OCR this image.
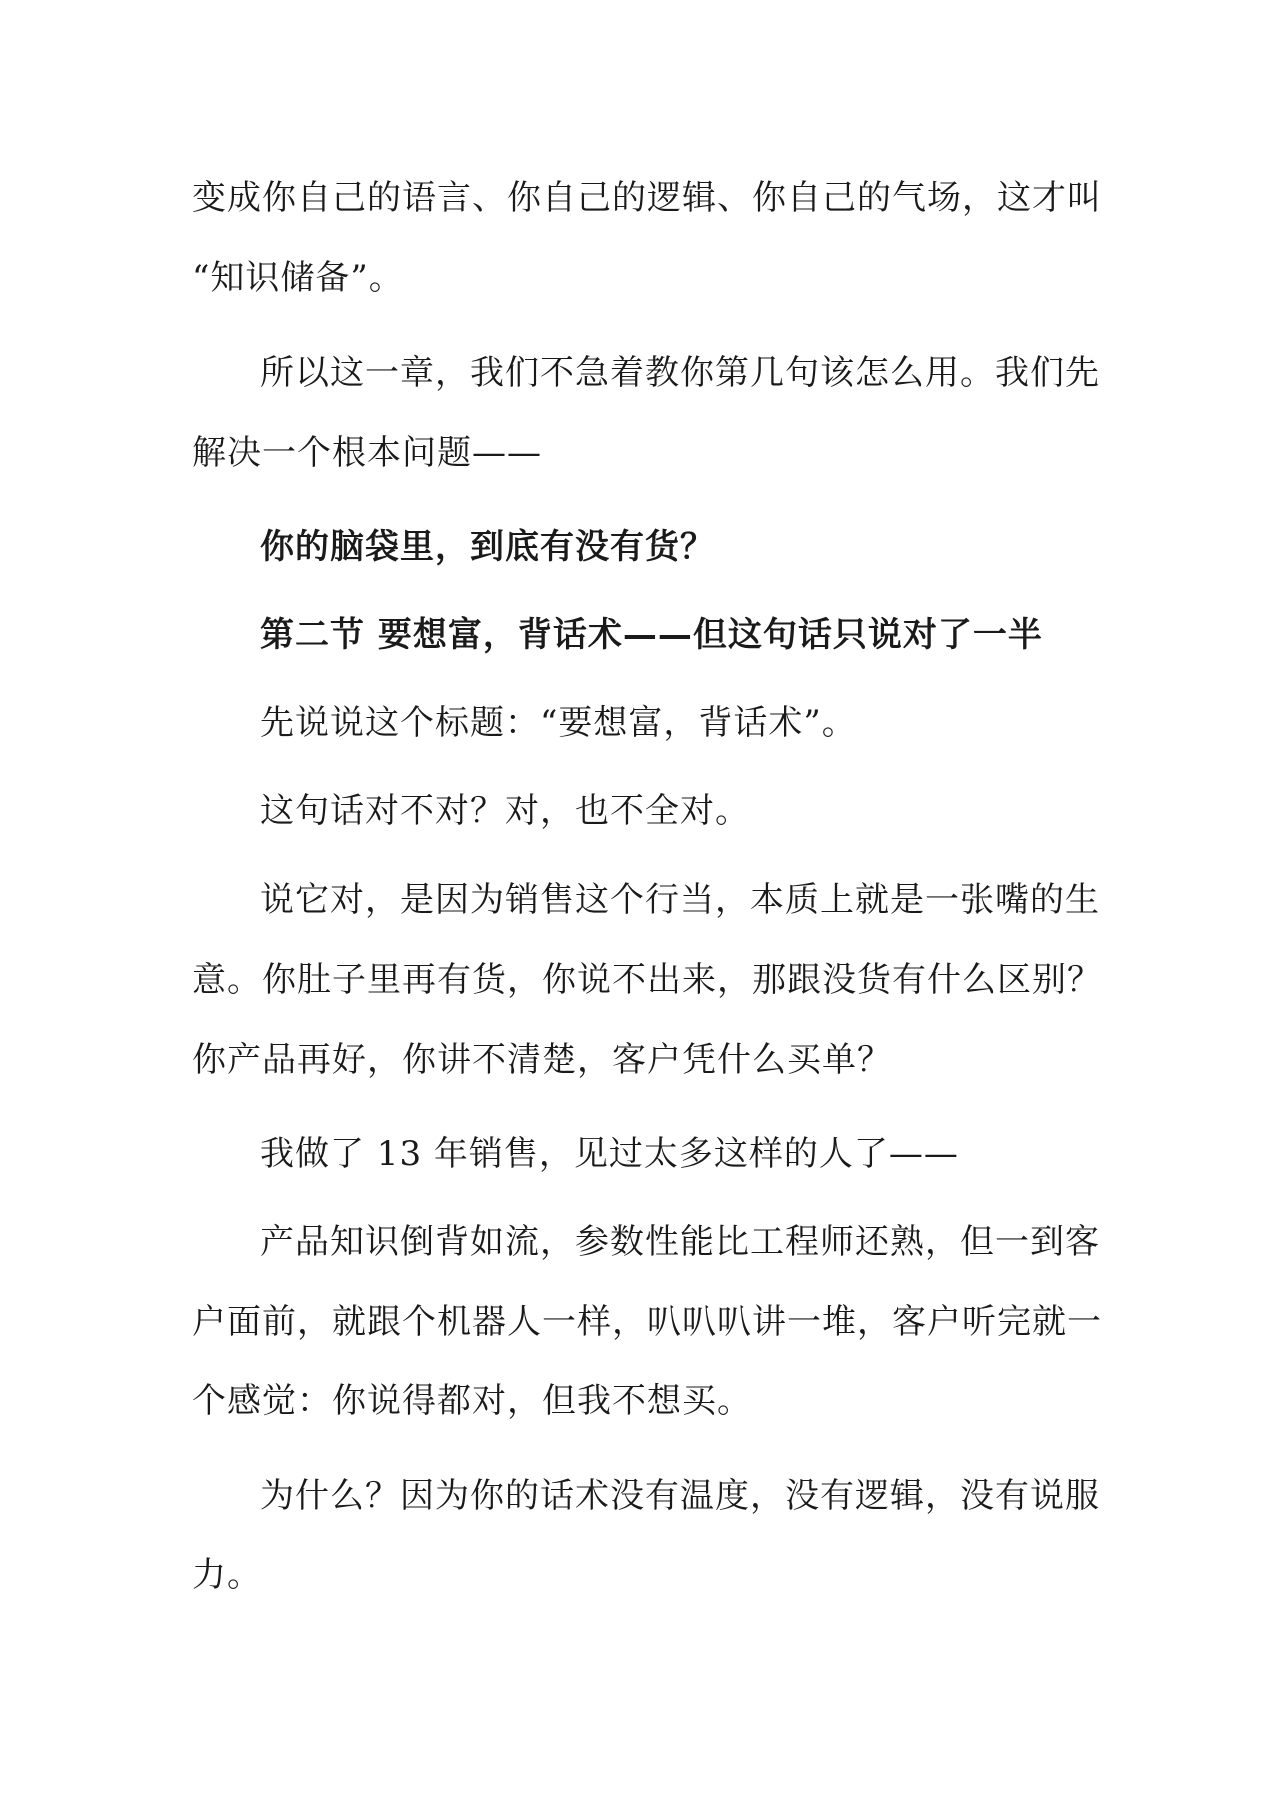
变成你自己的语言、你自己的逻辑、你自己的气场，这才叫
“知识储备”。
所以这一章，我们不急着教你第几句该怎么用。我们先
解决一个根本问题——
你的脑袋里，到底有没有货？
第二节 要想富，背话术——但这句话只说对了一半
先说说这个标题：“要想富，背话术”。
这句话对不对？对，也不全对。
说它对，是因为销售这个行当，本质上就是一张嘴的生
意。你肚子里再有货，你说不出来，那跟没货有什么区别？
你产品再好，你讲不清楚，客户凭什么买单？
我做了 13 年销售，见过太多这样的人了——
产品知识倒背如流，参数性能比工程师还熟，但一到客
户面前，就跟个机器人一样，叭叭叭讲一堆，客户听完就一
个感觉：你说得都对，但我不想买。
为什么？因为你的话术没有温度，没有逻辑，没有说服
力。
